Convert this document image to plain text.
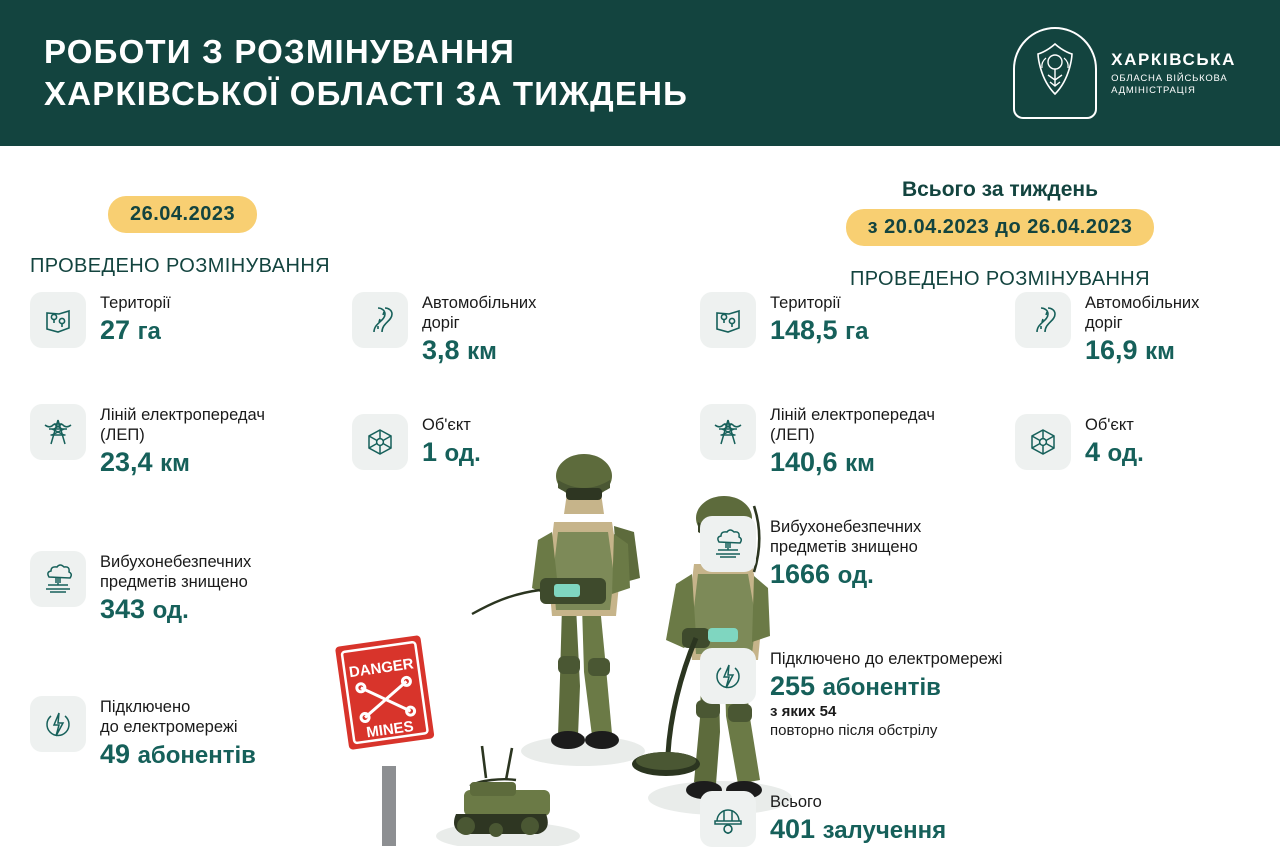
РОБОТИ З РОЗМІНУВАННЯ
ХАРКІВСЬКОЇ ОБЛАСТІ ЗА ТИЖДЕНЬ
ХАРКІВСЬКА
ОБЛАСНА ВІЙСЬКОВА
АДМІНІСТРАЦІЯ
DANGER
MINES
26.04.2023
ПРОВЕДЕНО РОЗМІНУВАННЯ
Території
27 га
Автомобільних
доріг
3,8 км
Ліній електропередач
(ЛЕП)
23,4 км
Об'єкт
1 од.
Вибухонебезпечних
предметів знищено
343 од.
Підключено
до електромережі
49 абонентів
Всього за тиждень
з 20.04.2023 до 26.04.2023
ПРОВЕДЕНО РОЗМІНУВАННЯ
Території
148,5 га
Автомобільних
доріг
16,9 км
Ліній електропередач
(ЛЕП)
140,6 км
Об'єкт
4 од.
Вибухонебезпечних
предметів знищено
1666 од.
Підключено до електромережі
255 абонентів
з яких 54
повторно після обстрілу
Всього
401 залучення
